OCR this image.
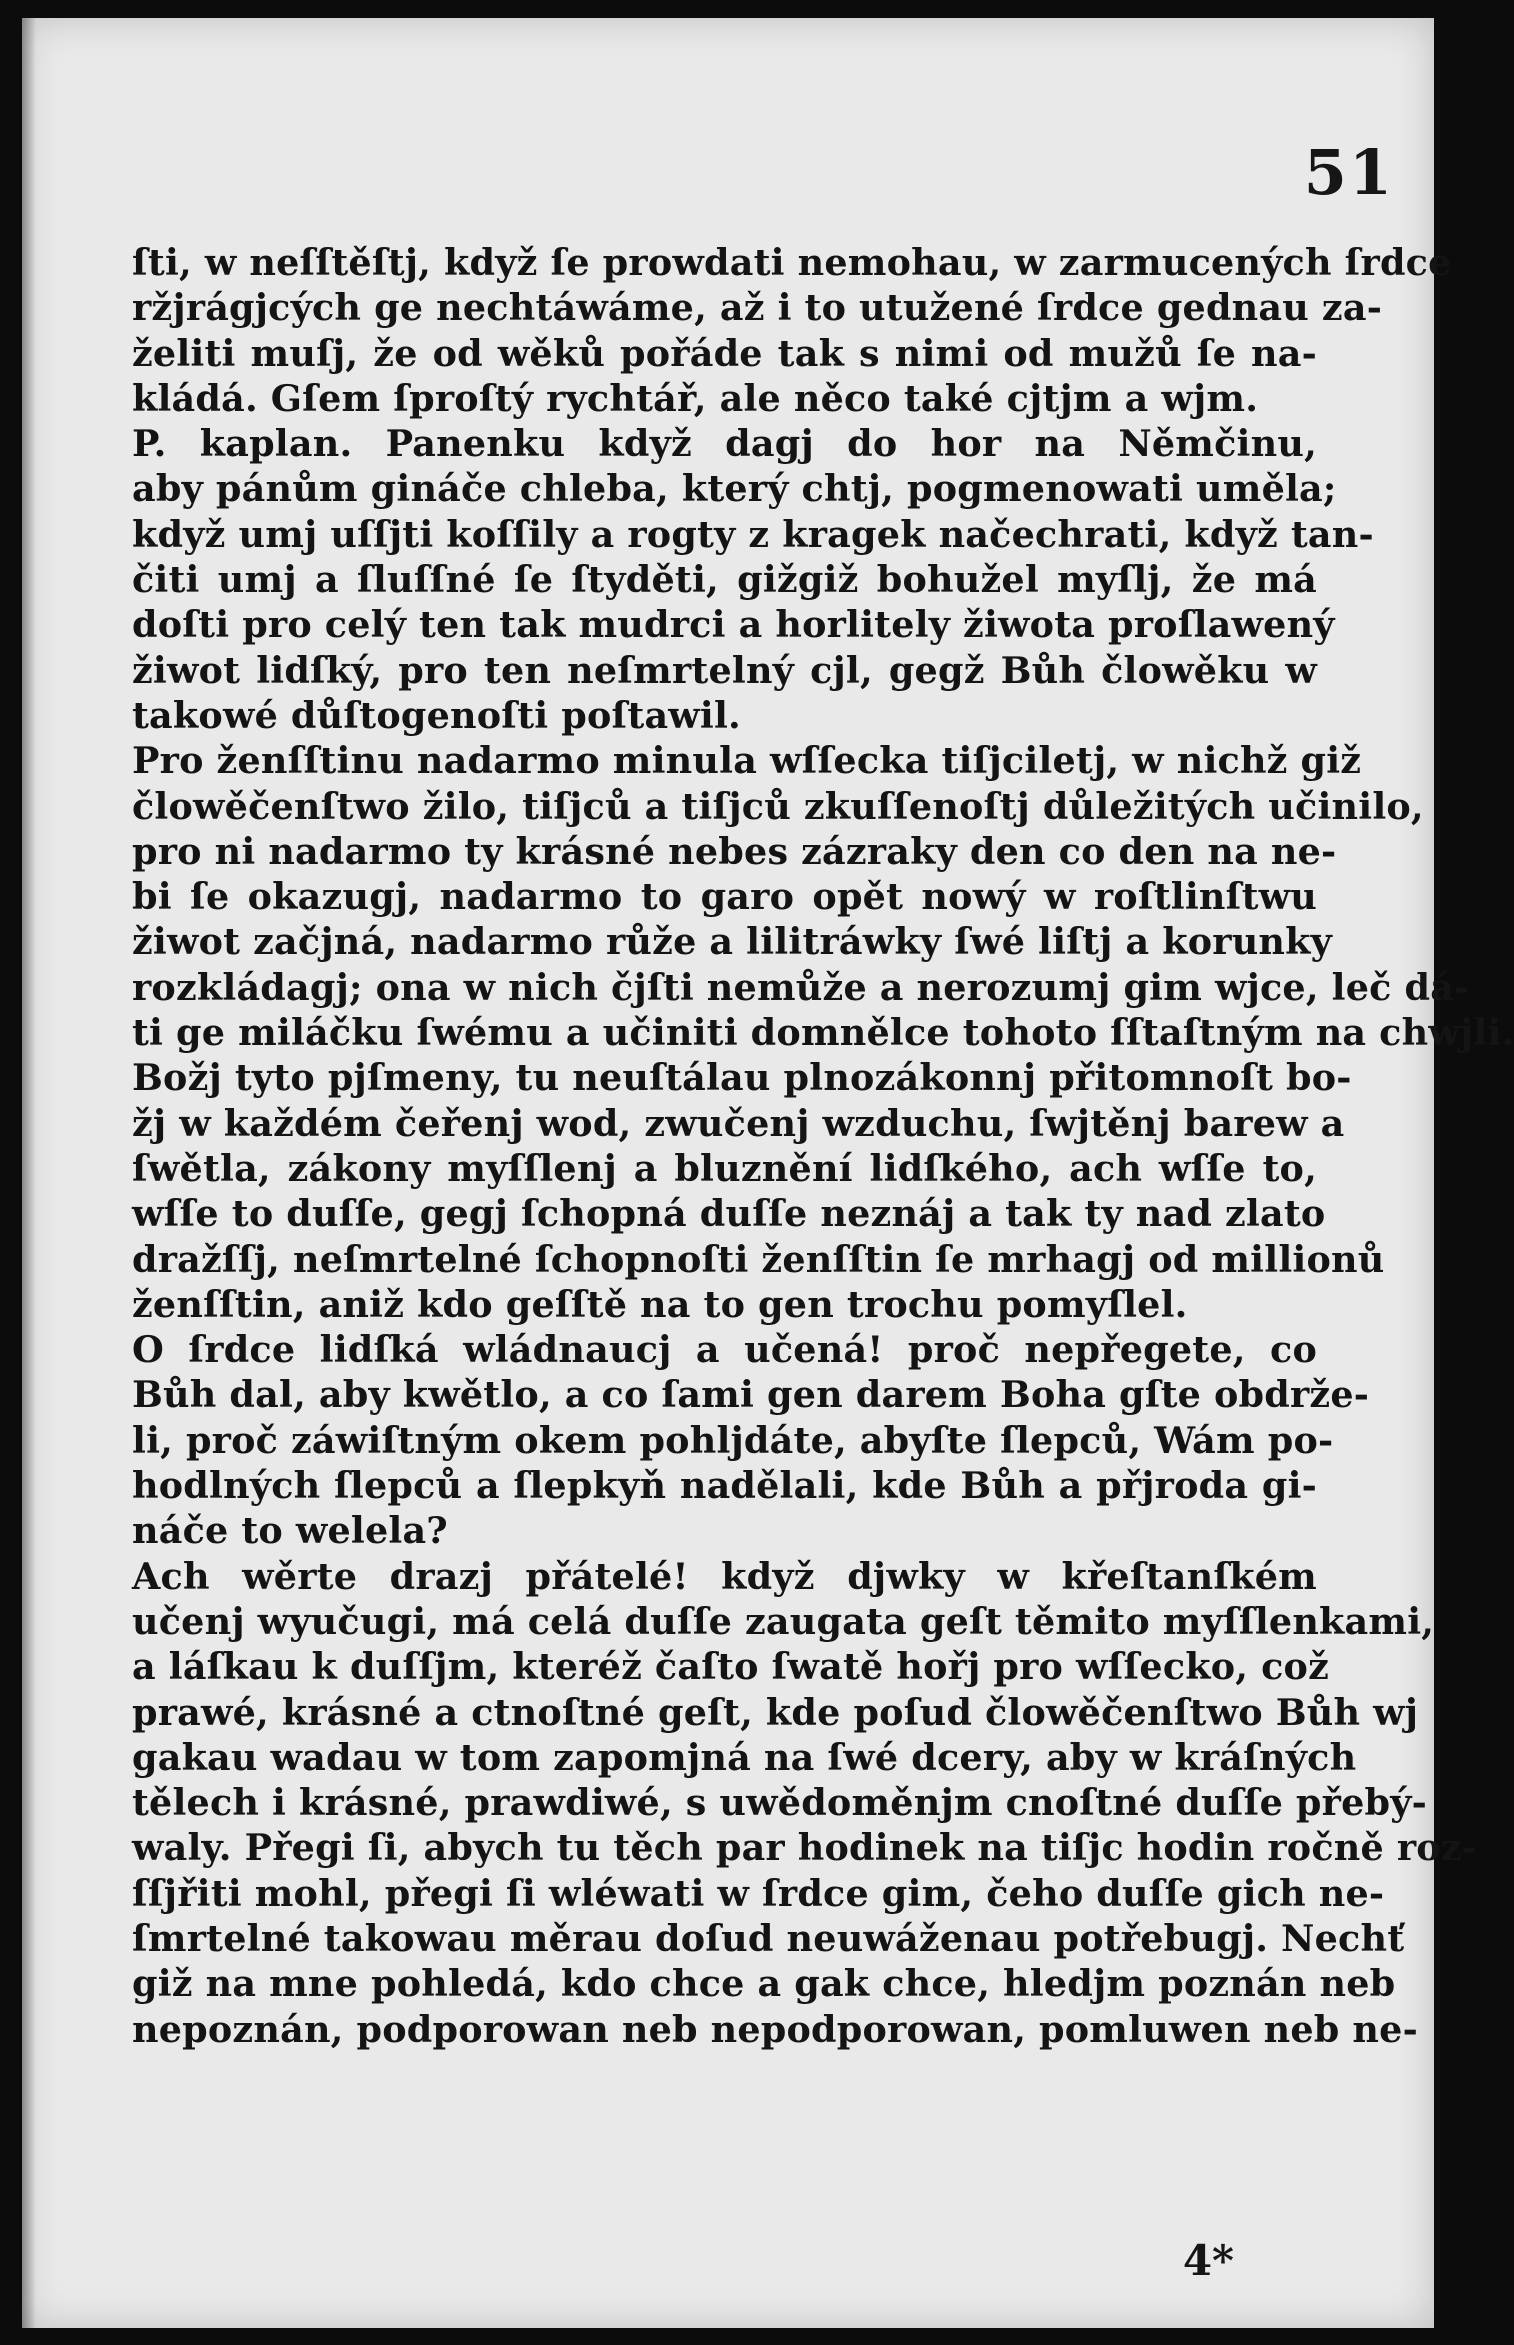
51
ſti, w neſſtěſtj, když ſe prowdati nemohau, w zarmucených ſrdce
ržjrágjcých ge nechtáwáme, až i to utužené ſrdce gednau za-
želiti muſj, že od wěků pořáde tak s nimi od mužů ſe na-
kládá. Gſem ſproſtý rychtář, ale něco také cjtjm a wjm.
P. kaplan. Panenku když dagj do hor na Němčinu,
aby pánům gináče chleba, který chtj, pogmenowati uměla;
když umj uſſjti koſſily a rogty z kragek načechrati, když tan-
čiti umj a ſluſſné ſe ſtyděti, gižgiž bohužel myſlj, že má
doſti pro celý ten tak mudrci a horlitely žiwota proſlawený
žiwot lidſký, pro ten neſmrtelný cjl, gegž Bůh člowěku w
takowé důſtogenoſti poſtawil.
Pro ženſſtinu nadarmo minula wſſecka tiſjciletj, w nichž giž
člowěčenſtwo žilo, tiſjců a tiſjců zkuſſenoſtj důležitých učinilo,
pro ni nadarmo ty krásné nebes zázraky den co den na ne-
bi ſe okazugj, nadarmo to garo opět nowý w roſtlinſtwu
žiwot začjná, nadarmo růže a lilitráwky ſwé liſtj a korunky
rozkládagj; ona w nich čjſti nemůže a nerozumj gim wjce, leč dá-
ti ge miláčku ſwému a učiniti domnělce tohoto ſſtaſtným na chwjli.
Božj tyto pjſmeny, tu neuſtálau plnozákonnj přitomnoſt bo-
žj w každém čeřenj wod, zwučenj wzduchu, ſwjtěnj barew a
ſwětla, zákony myſſlenj a bluznění lidſkého, ach wſſe to,
wſſe to duſſe, gegj ſchopná duſſe neznáj a tak ty nad zlato
dražſſj, neſmrtelné ſchopnoſti ženſſtin ſe mrhagj od millionů
ženſſtin, aniž kdo geſſtě na to gen trochu pomyſlel.
O ſrdce lidſká wládnaucj a učená! proč nepřegete, co
Bůh dal, aby kwětlo, a co ſami gen darem Boha gſte obdrže-
li, proč záwiſtným okem pohljdáte, abyſte ſlepců, Wám po-
hodlných ſlepců a ſlepkyň nadělali, kde Bůh a přjroda gi-
náče to welela?
Ach wěrte drazj přátelé! když djwky w křeſtanſkém
učenj wyučugi, má celá duſſe zaugata geſt těmito myſſlenkami,
a láſkau k duſſjm, kteréž čaſto ſwatě hořj pro wſſecko, což
prawé, krásné a ctnoſtné geſt, kde poſud člowěčenſtwo Bůh wj
gakau wadau w tom zapomjná na ſwé dcery, aby w kráſných
tělech i krásné, prawdiwé, s uwědoměnjm cnoſtné duſſe přebý-
waly. Přegi ſi, abych tu těch par hodinek na tiſjc hodin ročně roz-
ſſjřiti mohl, přegi ſi wléwati w ſrdce gim, čeho duſſe gich ne-
ſmrtelné takowau měrau doſud neuwáženau potřebugj. Nechť
giž na mne pohledá, kdo chce a gak chce, hledjm poznán neb
nepoznán, podporowan neb nepodporowan, pomluwen neb ne-
4*
